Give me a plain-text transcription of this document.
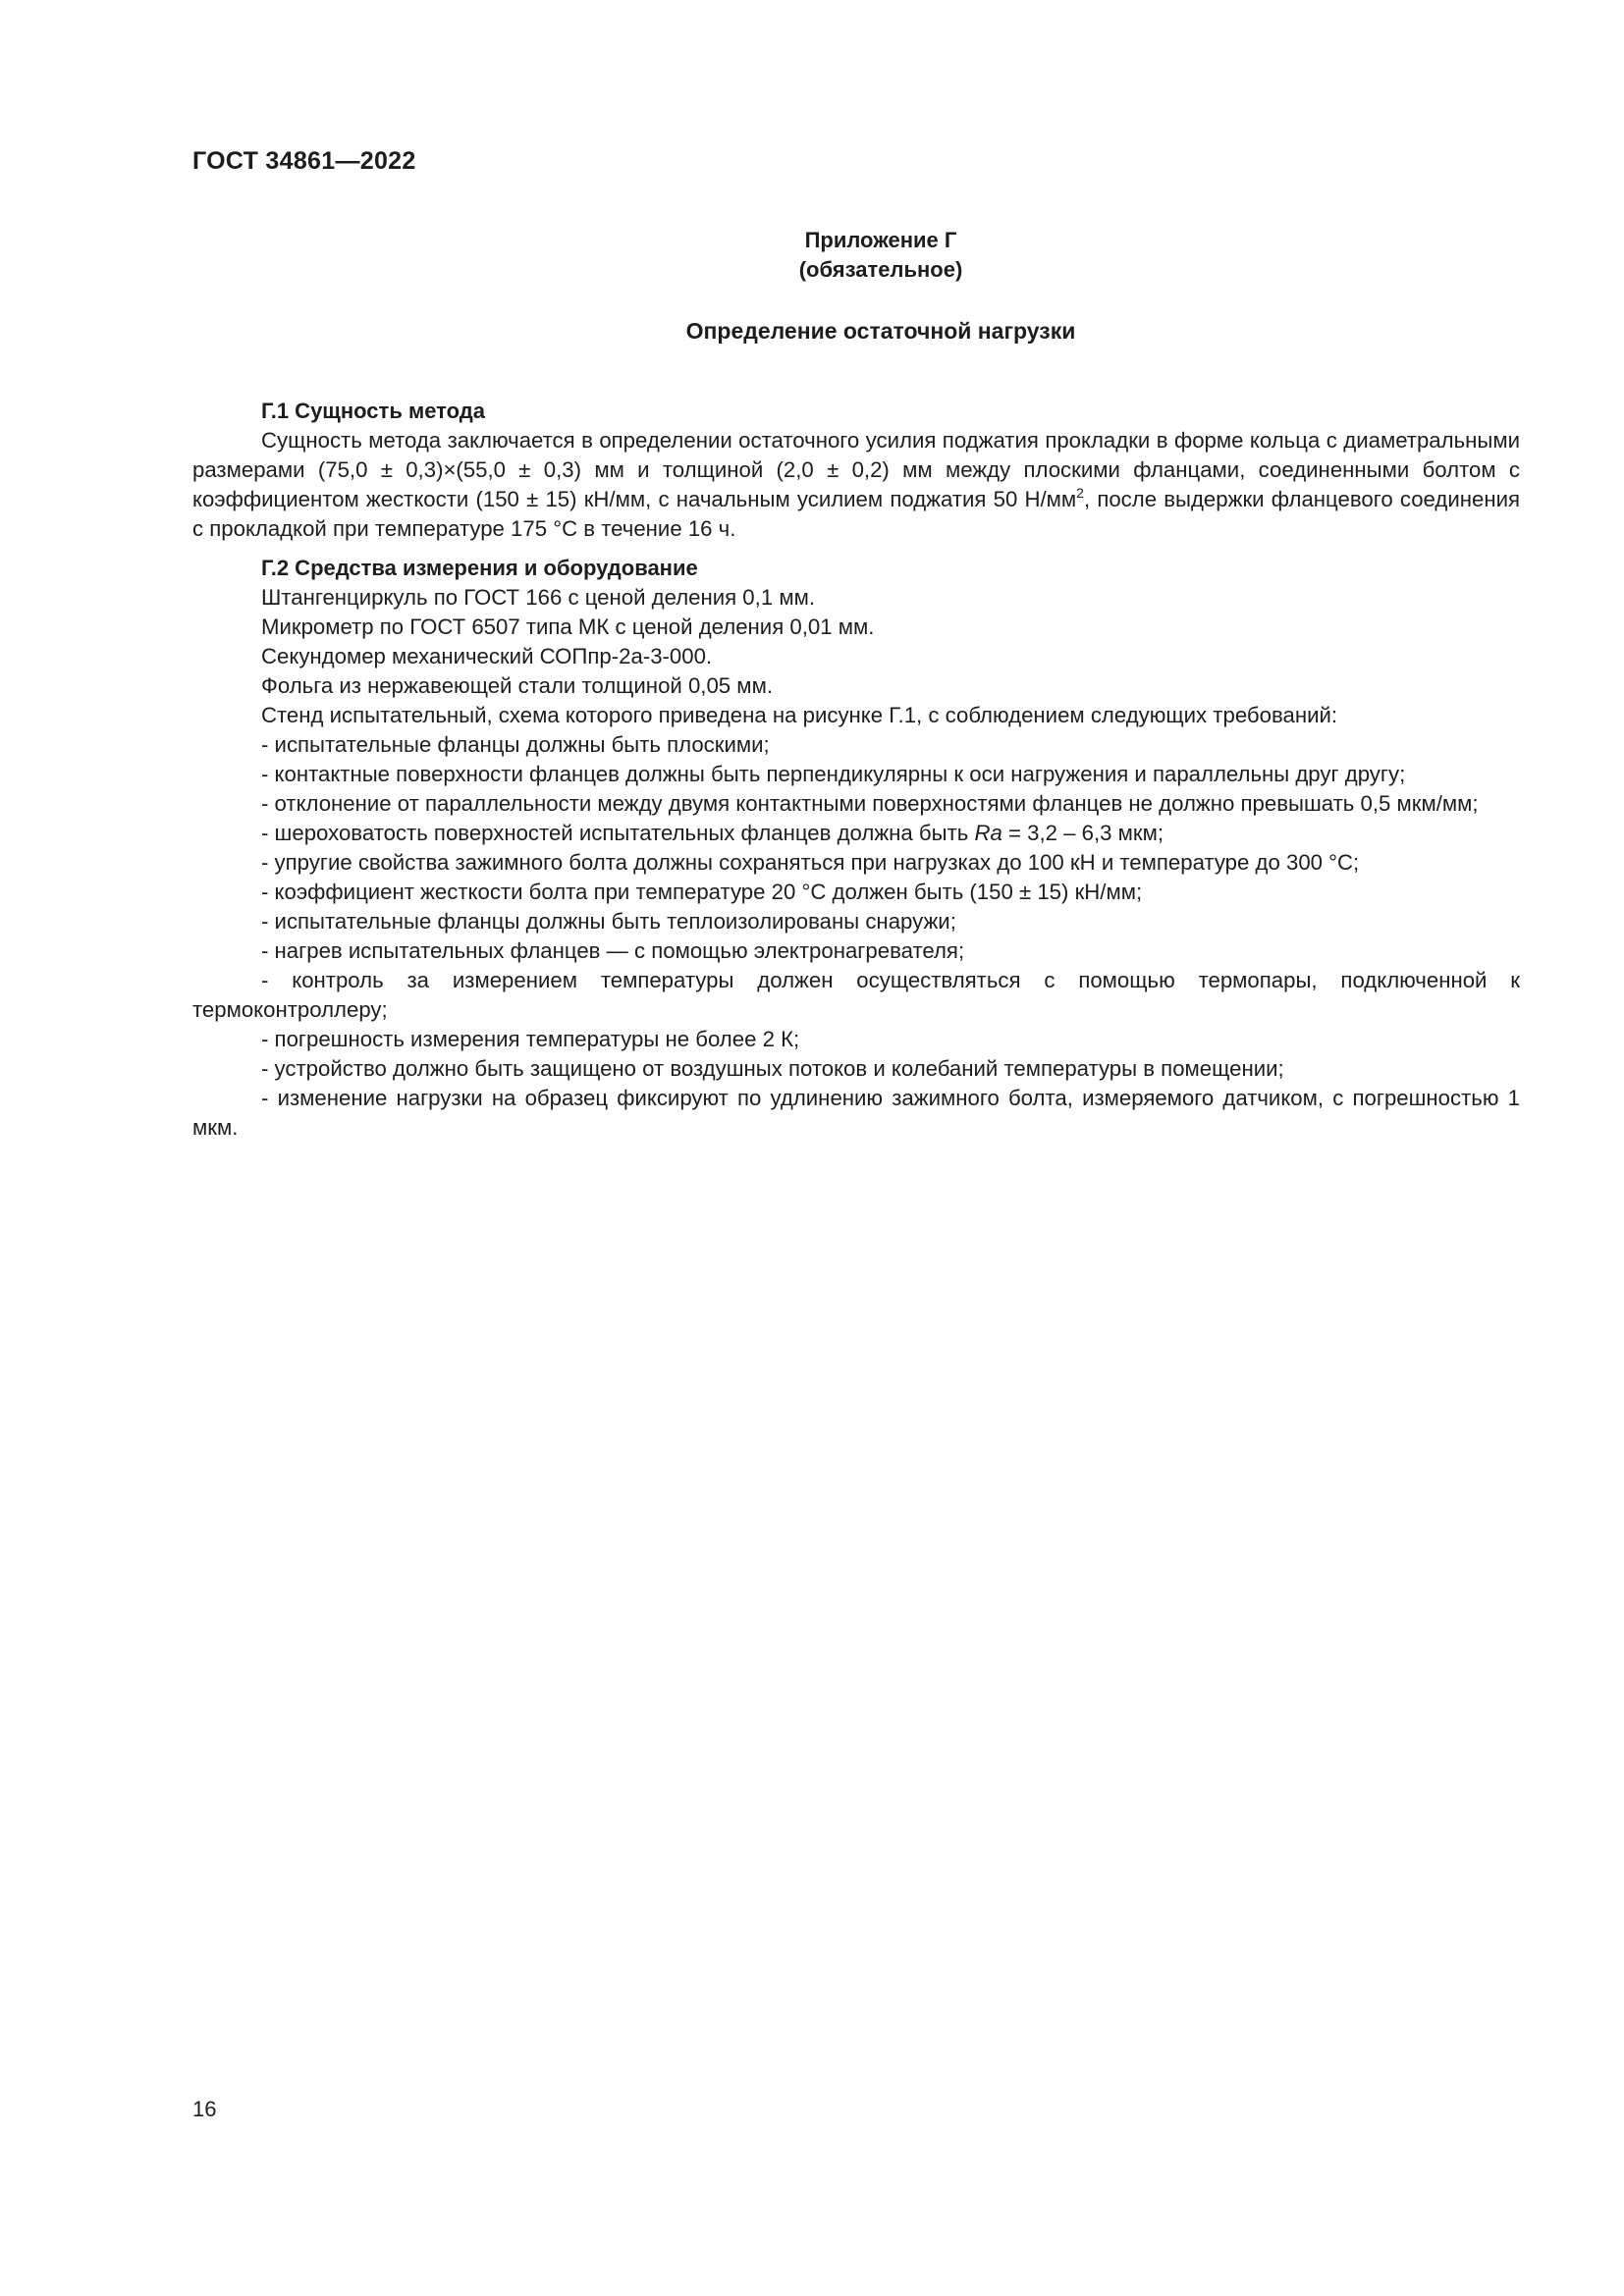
ГОСТ 34861—2022
Приложение Г
(обязательное)
Определение остаточной нагрузки

Г.1 Сущность метода

Сущность метода заключается в определении остаточного усилия поджатия прокладки в форме кольца с диаметральными размерами (75,0 ± 0,3)×(55,0 ± 0,3) мм и толщиной (2,0 ± 0,2) мм между плоскими фланцами, соединенными болтом с коэффициентом жесткости (150 ± 15) кН/мм, с начальным усилием поджатия 50 $Н/мм^2$, после выдержки фланцевого соединения с прокладкой при температуре 175 °С в течение 16 ч.

Г.2 Средства измерения и оборудование

Штангенциркуль по ГОСТ 166 с ценой деления 0,1 мм.

Микрометр по ГОСТ 6507 типа МК с ценой деления 0,01 мм.

Секундомер механический СОПпр-2а-3-000.

Фольга из нержавеющей стали толщиной 0,05 мм.

Стенд испытательный, схема которого приведена на рисунке Г.1, с соблюдением следующих требований:

- испытательные фланцы должны быть плоскими;

- контактные поверхности фланцев должны быть перпендикулярны к оси нагружения и параллельны друг другу;

- отклонение от параллельности между двумя контактными поверхностями фланцев не должно превышать 0,5 мкм/мм;

- шероховатость поверхностей испытательных фланцев должна быть Ra = 3,2 – 6,3 мкм;

- упругие свойства зажимного болта должны сохраняться при нагрузках до 100 кН и температуре до 300 °С;

- коэффициент жесткости болта при температуре 20 °С должен быть (150 ± 15) кН/мм;

- испытательные фланцы должны быть теплоизолированы снаружи;

- нагрев испытательных фланцев — с помощью электронагревателя;

- контроль за измерением температуры должен осуществляться с помощью термопары, подключенной к термоконтроллеру;

- погрешность измерения температуры не более 2 К;

- устройство должно быть защищено от воздушных потоков и колебаний температуры в помещении;

- изменение нагрузки на образец фиксируют по удлинению зажимного болта, измеряемого датчиком, с погрешностью 1 мкм.

16
